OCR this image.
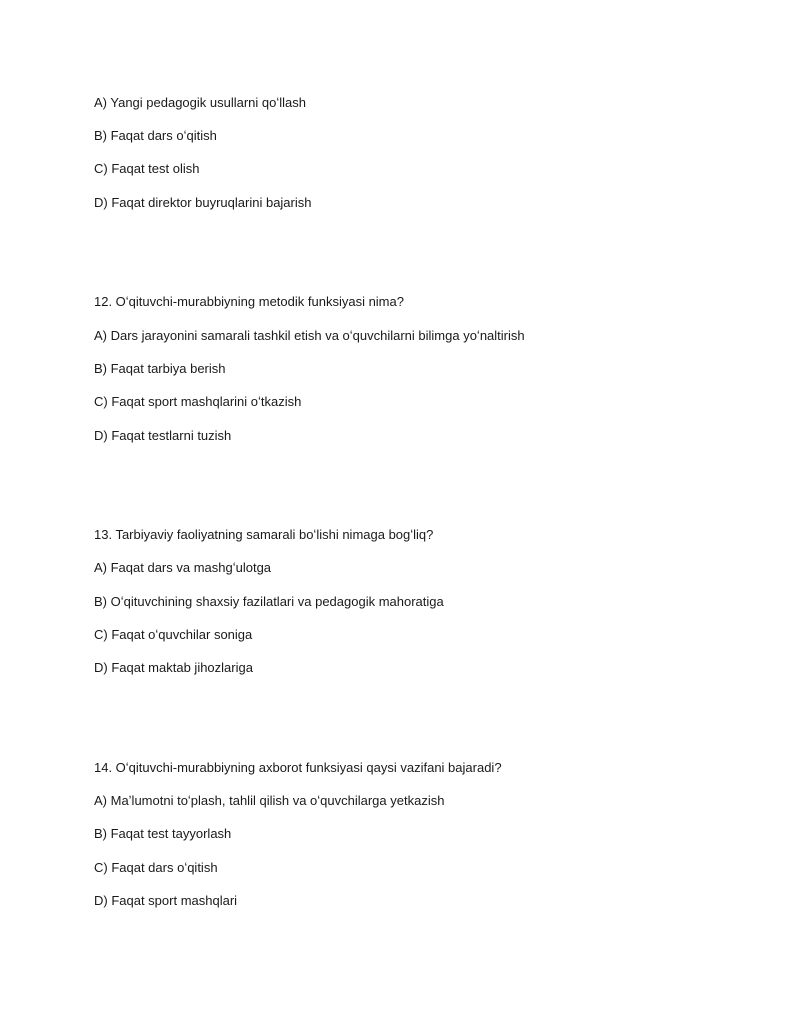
A) Yangi pedagogik usullarni qoʻllash
B) Faqat dars oʻqitish
C) Faqat test olish
D) Faqat direktor buyruqlarini bajarish
12. Oʻqituvchi-murabbiyning metodik funksiyasi nima?
A) Dars jarayonini samarali tashkil etish va oʻquvchilarni bilimga yoʻnaltirish
B) Faqat tarbiya berish
C) Faqat sport mashqlarini oʻtkazish
D) Faqat testlarni tuzish
13. Tarbiyaviy faoliyatning samarali boʻlishi nimaga bogʻliq?
A) Faqat dars va mashgʻulotga
B) Oʻqituvchining shaxsiy fazilatlari va pedagogik mahoratiga
C) Faqat oʻquvchilar soniga
D) Faqat maktab jihozlariga
14. Oʻqituvchi-murabbiyning axborot funksiyasi qaysi vazifani bajaradi?
A) Maʼlumotni toʻplash, tahlil qilish va oʻquvchilarga yetkazish
B) Faqat test tayyorlash
C) Faqat dars oʻqitish
D) Faqat sport mashqlari
